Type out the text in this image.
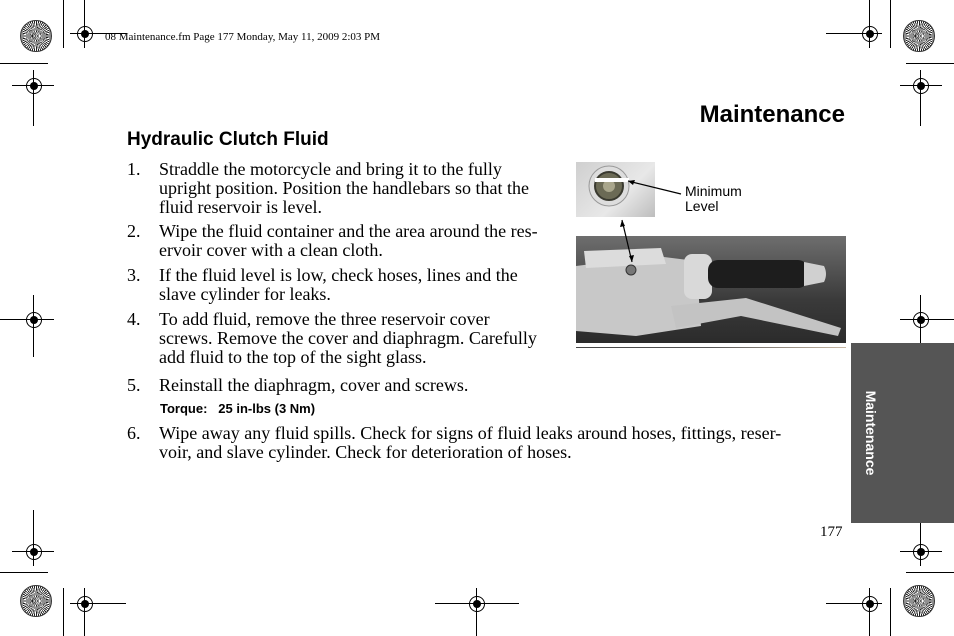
08 Maintenance.fm Page 177 Monday, May 11, 2009 2:03 PM
Maintenance
Hydraulic Clutch Fluid
1. Straddle the motorcycle and bring it to the fully
upright position. Position the handlebars so that the
fluid reservoir is level.
2. Wipe the fluid container and the area around the res-
ervoir cover with a clean cloth.
3. If the fluid level is low, check hoses, lines and the
slave cylinder for leaks.
4. To add fluid, remove the three reservoir cover
screws. Remove the cover and diaphragm. Carefully
add fluid to the top of the sight glass.
5. Reinstall the diaphragm, cover and screws.
Torque: 25 in-lbs (3 Nm)
6. Wipe away any fluid spills. Check for signs of fluid leaks around hoses, fittings, reser-
voir, and slave cylinder. Check for deterioration of hoses.
Minimum
Level
Maintenance
177
